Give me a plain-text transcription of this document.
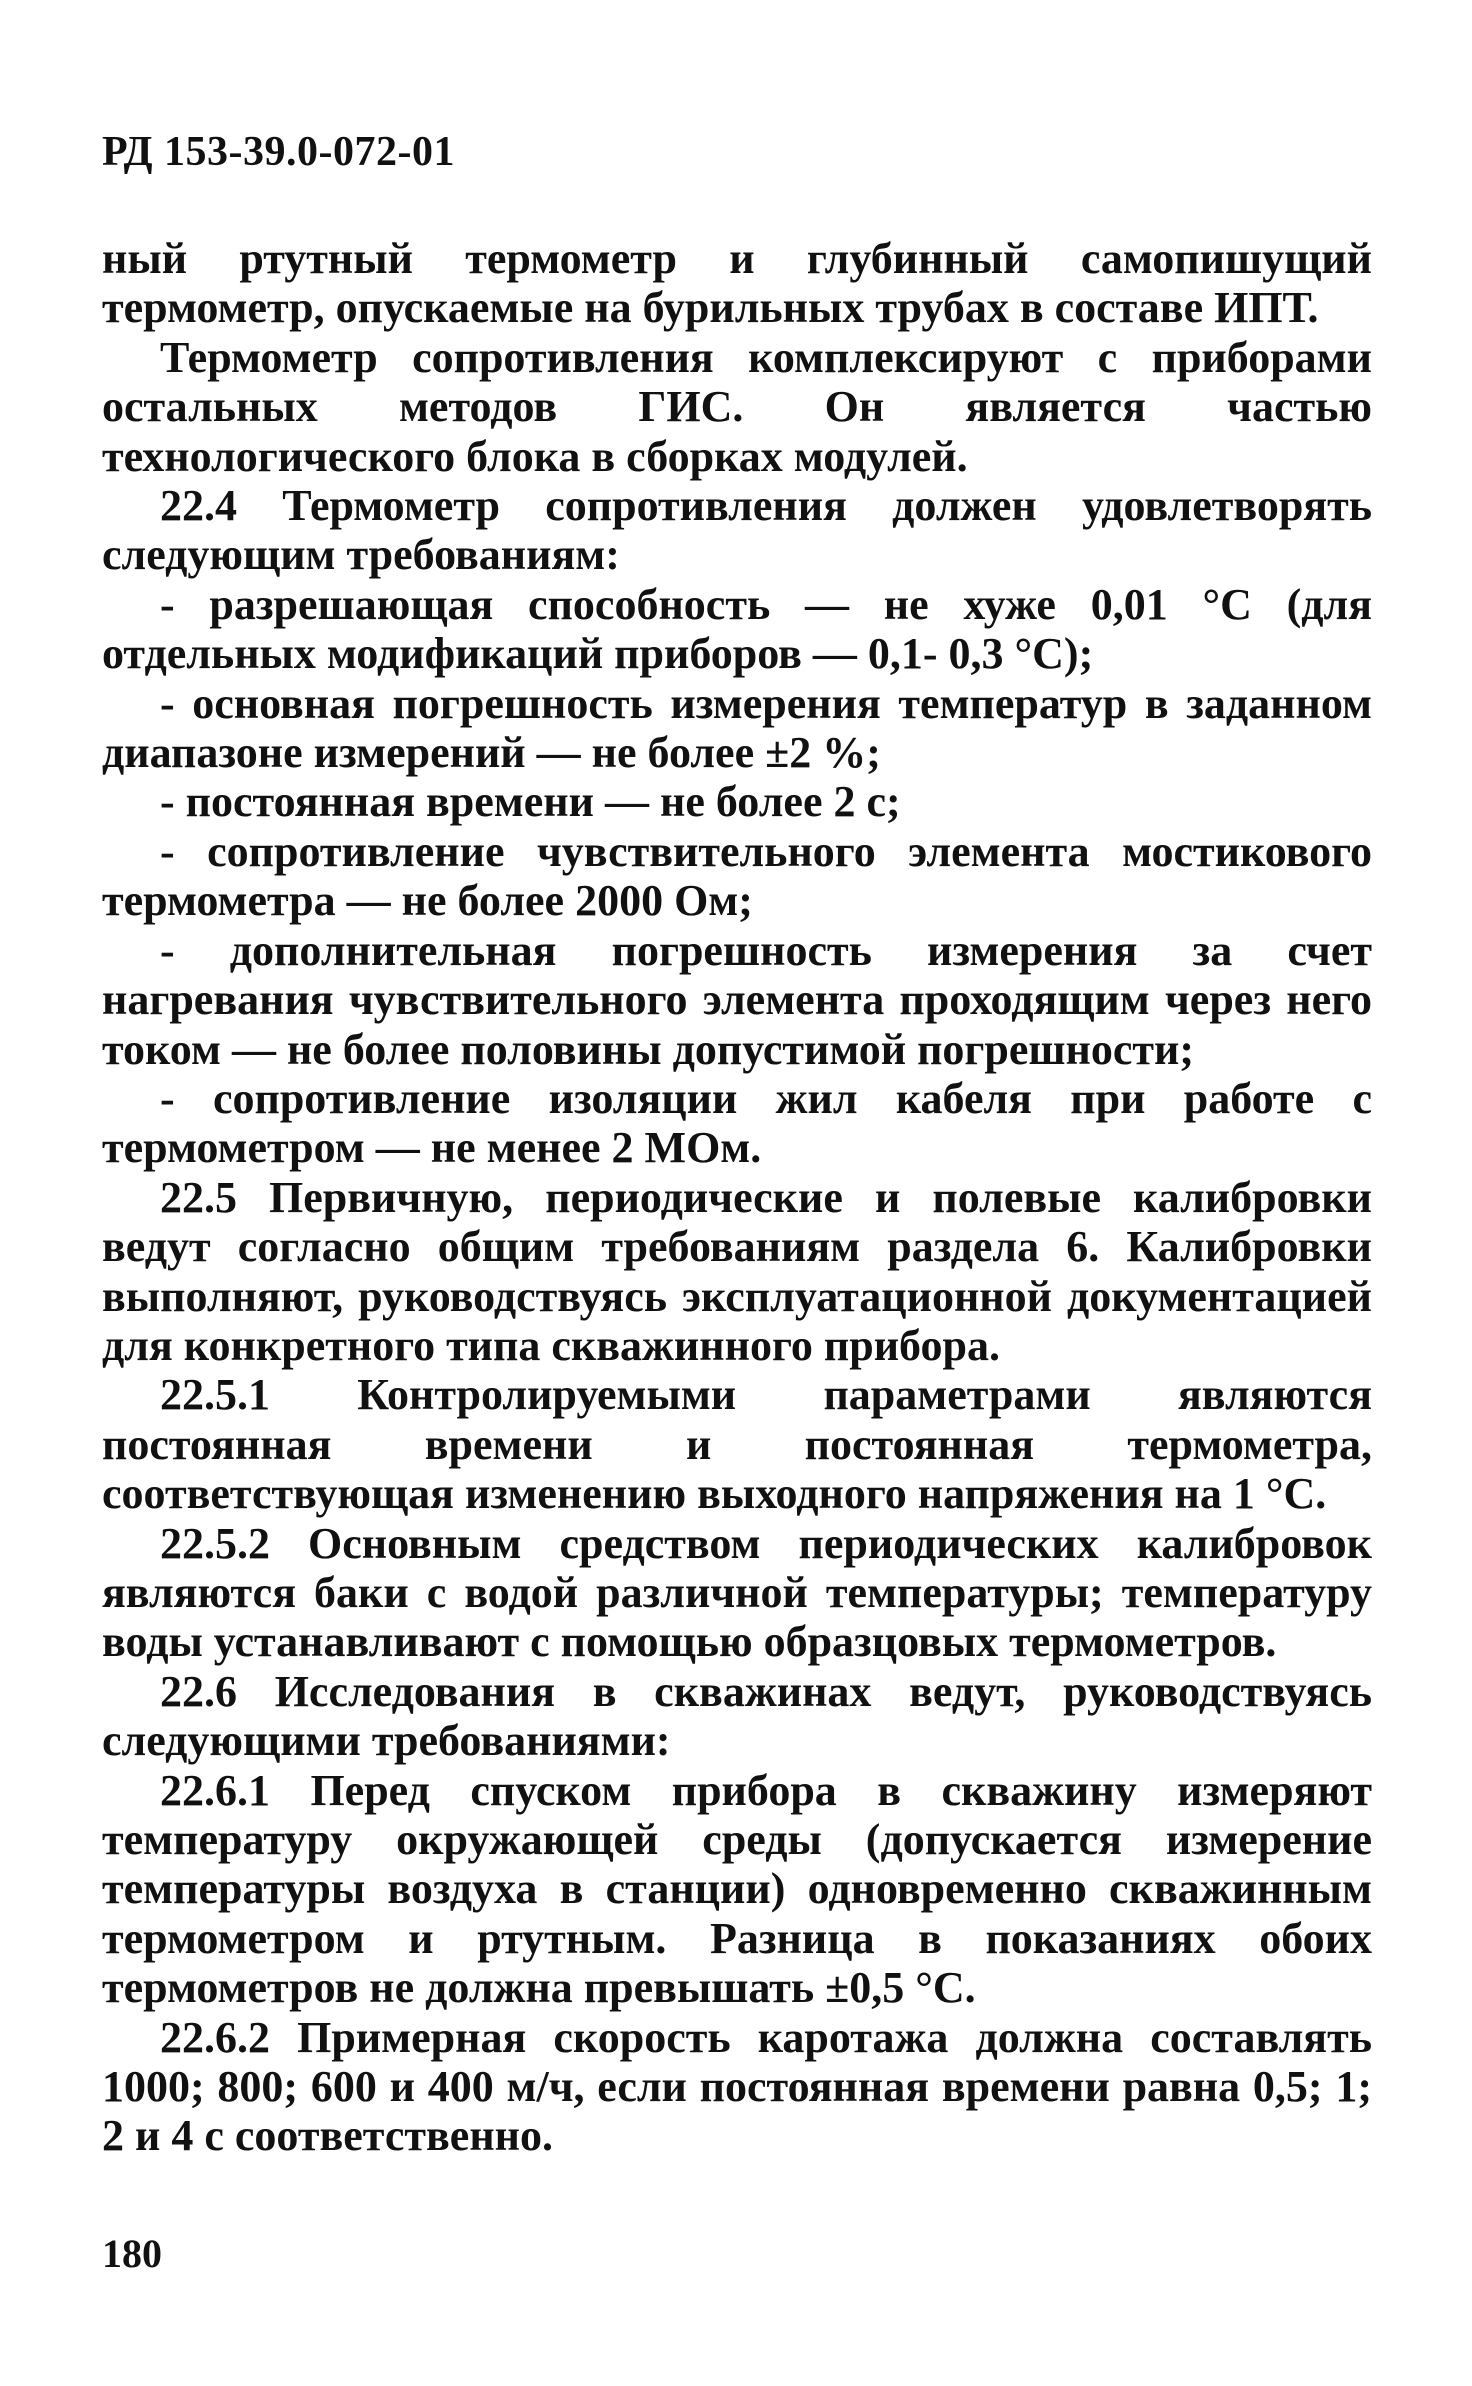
РД 153-39.0-072-01

ный ртутный термометр и глубинный самопишущий термометр, опускаемые на бурильных трубах в составе ИПТ.

Термометр сопротивления комплексируют с приборами остальных методов ГИС. Он является частью технологического блока в сборках модулей.

22.4 Термометр сопротивления должен удовлетворять следующим требованиям:

- разрешающая способность — не хуже 0,01 °С (для отдельных модификаций приборов — 0,1- 0,3 °С);

- основная погрешность измерения температур в заданном диапазоне измерений — не более ±2 %;

- постоянная времени — не более 2 с;

- сопротивление чувствительного элемента мостикового термометра — не более 2000 Ом;

- дополнительная погрешность измерения за счет нагревания чувствительного элемента проходящим через него током — не более половины допустимой погрешности;

- сопротивление изоляции жил кабеля при работе с термометром — не менее 2 МОм.

22.5 Первичную, периодические и полевые калибровки ведут согласно общим требованиям раздела 6. Калибровки выполняют, руководствуясь эксплуатационной документацией для конкретного типа скважинного прибора.

22.5.1 Контролируемыми параметрами являются постоянная времени и постоянная термометра, соответствующая изменению выходного напряжения на 1 °С.

22.5.2 Основным средством периодических калибровок являются баки с водой различной температуры; температуру воды устанавливают с помощью образцовых термометров.

22.6 Исследования в скважинах ведут, руководствуясь следующими требованиями:

22.6.1 Перед спуском прибора в скважину измеряют температуру окружающей среды (допускается измерение температуры воздуха в станции) одновременно скважинным термометром и ртутным. Разница в показаниях обоих термометров не должна превышать ±0,5 °С.

22.6.2 Примерная скорость каротажа должна составлять 1000; 800; 600 и 400 м/ч, если постоянная времени равна 0,5; 1; 2 и 4 с соответственно.

180
